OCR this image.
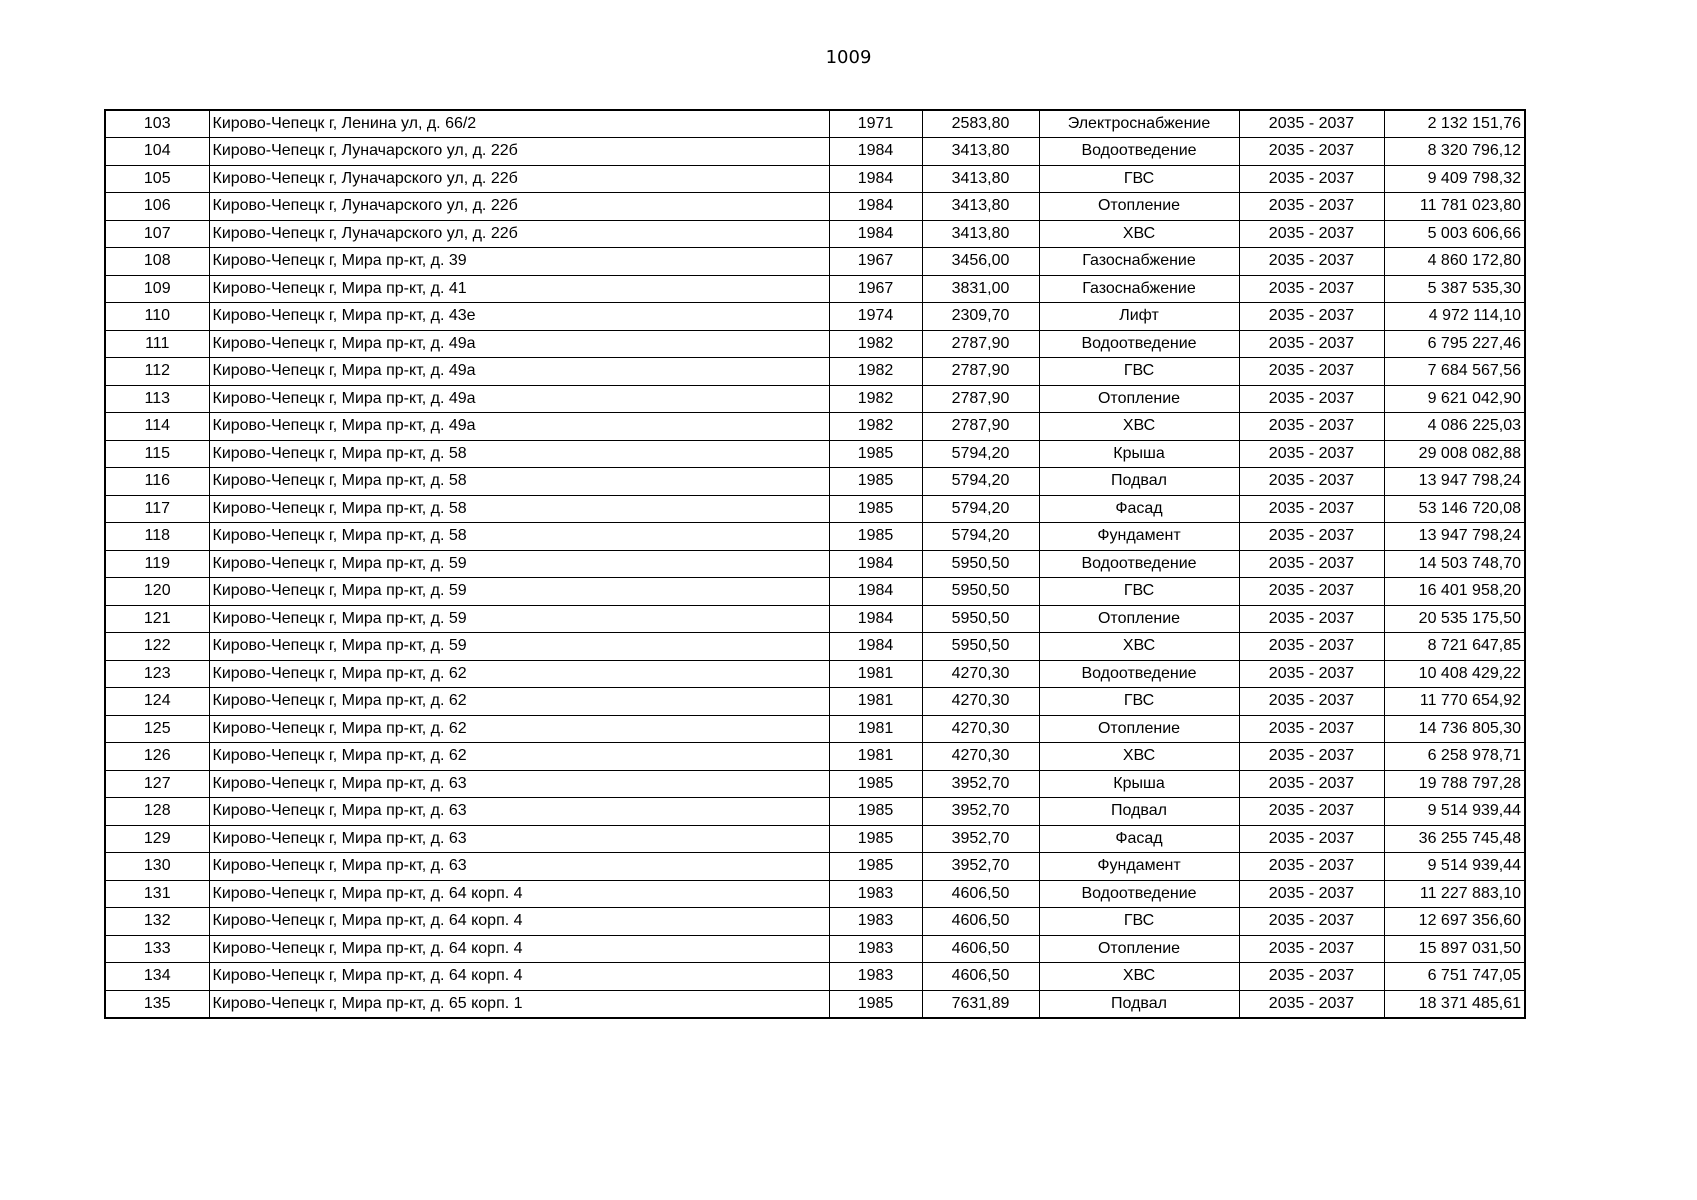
1009
103	Кирово-Чепецк г, Ленина ул, д. 66/2	1971	2583,80	Электроснабжение	2035 - 2037	2 132 151,76
104	Кирово-Чепецк г, Луначарского ул, д. 22б	1984	3413,80	Водоотведение	2035 - 2037	8 320 796,12
105	Кирово-Чепецк г, Луначарского ул, д. 22б	1984	3413,80	ГВС	2035 - 2037	9 409 798,32
106	Кирово-Чепецк г, Луначарского ул, д. 22б	1984	3413,80	Отопление	2035 - 2037	11 781 023,80
107	Кирово-Чепецк г, Луначарского ул, д. 22б	1984	3413,80	ХВС	2035 - 2037	5 003 606,66
108	Кирово-Чепецк г, Мира пр-кт, д. 39	1967	3456,00	Газоснабжение	2035 - 2037	4 860 172,80
109	Кирово-Чепецк г, Мира пр-кт, д. 41	1967	3831,00	Газоснабжение	2035 - 2037	5 387 535,30
110	Кирово-Чепецк г, Мира пр-кт, д. 43е	1974	2309,70	Лифт	2035 - 2037	4 972 114,10
111	Кирово-Чепецк г, Мира пр-кт, д. 49а	1982	2787,90	Водоотведение	2035 - 2037	6 795 227,46
112	Кирово-Чепецк г, Мира пр-кт, д. 49а	1982	2787,90	ГВС	2035 - 2037	7 684 567,56
113	Кирово-Чепецк г, Мира пр-кт, д. 49а	1982	2787,90	Отопление	2035 - 2037	9 621 042,90
114	Кирово-Чепецк г, Мира пр-кт, д. 49а	1982	2787,90	ХВС	2035 - 2037	4 086 225,03
115	Кирово-Чепецк г, Мира пр-кт, д. 58	1985	5794,20	Крыша	2035 - 2037	29 008 082,88
116	Кирово-Чепецк г, Мира пр-кт, д. 58	1985	5794,20	Подвал	2035 - 2037	13 947 798,24
117	Кирово-Чепецк г, Мира пр-кт, д. 58	1985	5794,20	Фасад	2035 - 2037	53 146 720,08
118	Кирово-Чепецк г, Мира пр-кт, д. 58	1985	5794,20	Фундамент	2035 - 2037	13 947 798,24
119	Кирово-Чепецк г, Мира пр-кт, д. 59	1984	5950,50	Водоотведение	2035 - 2037	14 503 748,70
120	Кирово-Чепецк г, Мира пр-кт, д. 59	1984	5950,50	ГВС	2035 - 2037	16 401 958,20
121	Кирово-Чепецк г, Мира пр-кт, д. 59	1984	5950,50	Отопление	2035 - 2037	20 535 175,50
122	Кирово-Чепецк г, Мира пр-кт, д. 59	1984	5950,50	ХВС	2035 - 2037	8 721 647,85
123	Кирово-Чепецк г, Мира пр-кт, д. 62	1981	4270,30	Водоотведение	2035 - 2037	10 408 429,22
124	Кирово-Чепецк г, Мира пр-кт, д. 62	1981	4270,30	ГВС	2035 - 2037	11 770 654,92
125	Кирово-Чепецк г, Мира пр-кт, д. 62	1981	4270,30	Отопление	2035 - 2037	14 736 805,30
126	Кирово-Чепецк г, Мира пр-кт, д. 62	1981	4270,30	ХВС	2035 - 2037	6 258 978,71
127	Кирово-Чепецк г, Мира пр-кт, д. 63	1985	3952,70	Крыша	2035 - 2037	19 788 797,28
128	Кирово-Чепецк г, Мира пр-кт, д. 63	1985	3952,70	Подвал	2035 - 2037	9 514 939,44
129	Кирово-Чепецк г, Мира пр-кт, д. 63	1985	3952,70	Фасад	2035 - 2037	36 255 745,48
130	Кирово-Чепецк г, Мира пр-кт, д. 63	1985	3952,70	Фундамент	2035 - 2037	9 514 939,44
131	Кирово-Чепецк г, Мира пр-кт, д. 64 корп. 4	1983	4606,50	Водоотведение	2035 - 2037	11 227 883,10
132	Кирово-Чепецк г, Мира пр-кт, д. 64 корп. 4	1983	4606,50	ГВС	2035 - 2037	12 697 356,60
133	Кирово-Чепецк г, Мира пр-кт, д. 64 корп. 4	1983	4606,50	Отопление	2035 - 2037	15 897 031,50
134	Кирово-Чепецк г, Мира пр-кт, д. 64 корп. 4	1983	4606,50	ХВС	2035 - 2037	6 751 747,05
135	Кирово-Чепецк г, Мира пр-кт, д. 65 корп. 1	1985	7631,89	Подвал	2035 - 2037	18 371 485,61
